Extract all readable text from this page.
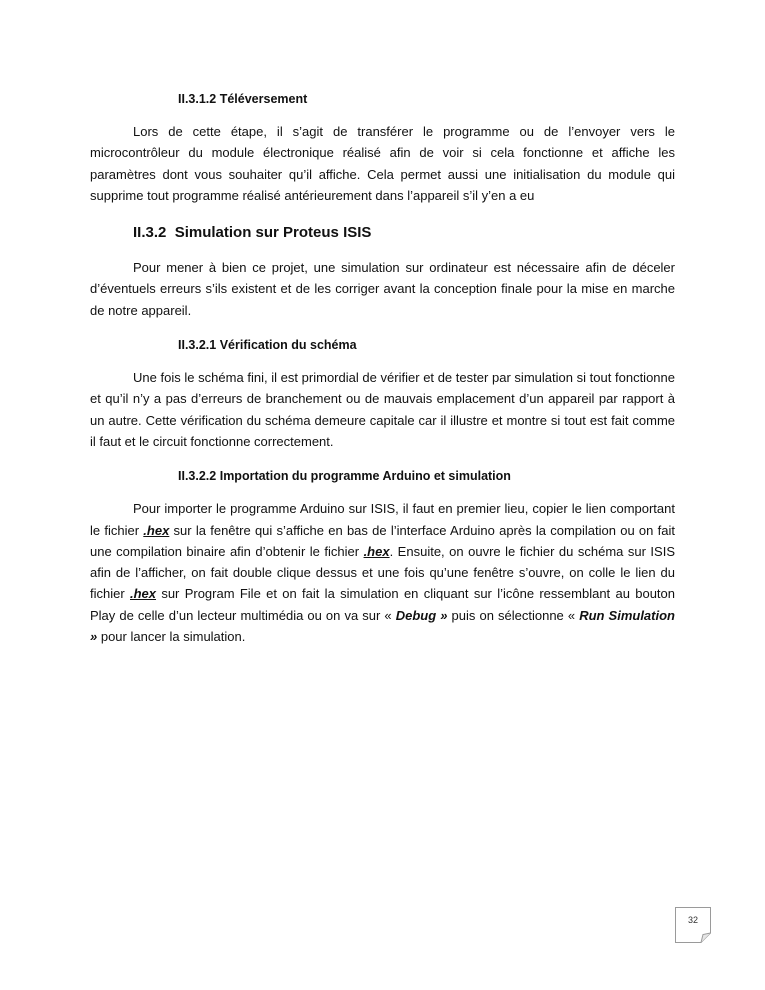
II.3.1.2 Téléversement

Lors de cette étape, il s’agit de transférer le programme ou de l’envoyer vers le microcontrôleur du module électronique réalisé afin de voir si cela fonctionne et affiche les paramètres dont vous souhaiter qu’il affiche. Cela permet aussi une initialisation du module qui supprime tout programme réalisé antérieurement dans l’appareil s’il y’en a eu

II.3.2 Simulation sur Proteus ISIS

Pour mener à bien ce projet, une simulation sur ordinateur est nécessaire afin de déceler d’éventuels erreurs s’ils existent et de les corriger avant la conception finale pour la mise en marche de notre appareil.

II.3.2.1 Vérification du schéma

Une fois le schéma fini, il est primordial de vérifier et de tester par simulation si tout fonctionne et qu’il n’y a pas d’erreurs de branchement ou de mauvais emplacement d’un appareil par rapport à un autre. Cette vérification du schéma demeure capitale car il illustre et montre si tout est fait comme il faut et le circuit fonctionne correctement.

II.3.2.2 Importation du programme Arduino et simulation

Pour importer le programme Arduino sur ISIS, il faut en premier lieu, copier le lien comportant le fichier .hex sur la fenêtre qui s’affiche en bas de l’interface Arduino après la compilation ou on fait une compilation binaire afin d’obtenir le fichier .hex. Ensuite, on ouvre le fichier du schéma sur ISIS afin de l’afficher, on fait double clique dessus et une fois qu’une fenêtre s’ouvre, on colle le lien du fichier .hex sur Program File et on fait la simulation en cliquant sur l’icône ressemblant au bouton Play de celle d’un lecteur multimédia ou on va sur « Debug » puis on sélectionne « Run Simulation » pour lancer la simulation.

32
